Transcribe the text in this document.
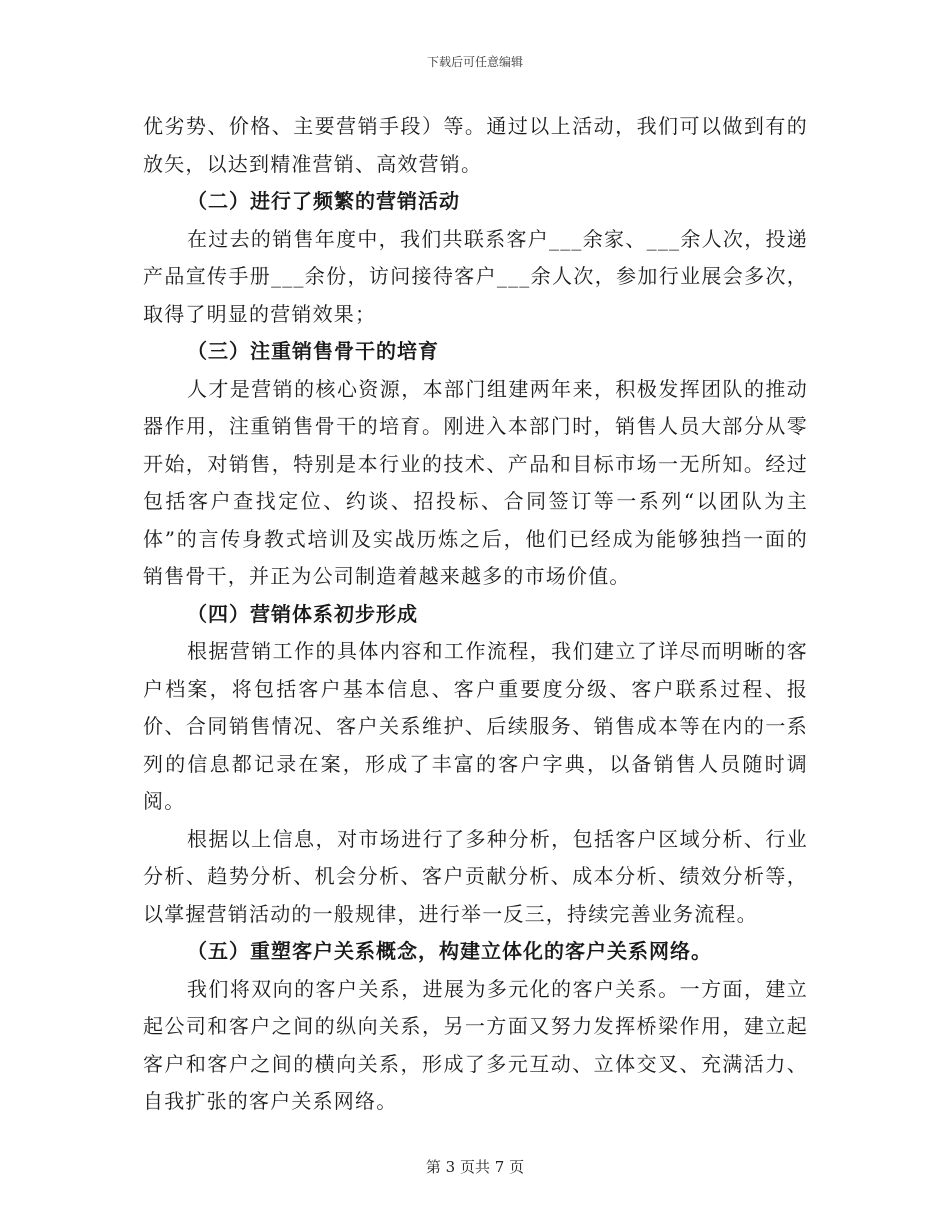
下载后可任意编辑

优劣势、价格、主要营销手段）等。通过以上活动，我们可以做到有的放矢，以达到精准营销、高效营销。

（二）进行了频繁的营销活动

在过去的销售年度中，我们共联系客户___余家、___余人次，投递产品宣传手册___余份，访问接待客户___余人次，参加行业展会多次，取得了明显的营销效果；

（三）注重销售骨干的培育

人才是营销的核心资源，本部门组建两年来，积极发挥团队的推动器作用，注重销售骨干的培育。刚进入本部门时，销售人员大部分从零开始，对销售，特别是本行业的技术、产品和目标市场一无所知。经过包括客户查找定位、约谈、招投标、合同签订等一系列“以团队为主体”的言传身教式培训及实战历炼之后，他们已经成为能够独挡一面的销售骨干，并正为公司制造着越来越多的市场价值。

（四）营销体系初步形成

根据营销工作的具体内容和工作流程，我们建立了详尽而明晰的客户档案，将包括客户基本信息、客户重要度分级、客户联系过程、报价、合同销售情况、客户关系维护、后续服务、销售成本等在内的一系列的信息都记录在案，形成了丰富的客户字典，以备销售人员随时调阅。

根据以上信息，对市场进行了多种分析，包括客户区域分析、行业分析、趋势分析、机会分析、客户贡献分析、成本分析、绩效分析等，以掌握营销活动的一般规律，进行举一反三，持续完善业务流程。

（五）重塑客户关系概念，构建立体化的客户关系网络。

我们将双向的客户关系，进展为多元化的客户关系。一方面，建立起公司和客户之间的纵向关系，另一方面又努力发挥桥梁作用，建立起客户和客户之间的横向关系，形成了多元互动、立体交叉、充满活力、自我扩张的客户关系网络。

第 3 页共 7 页
